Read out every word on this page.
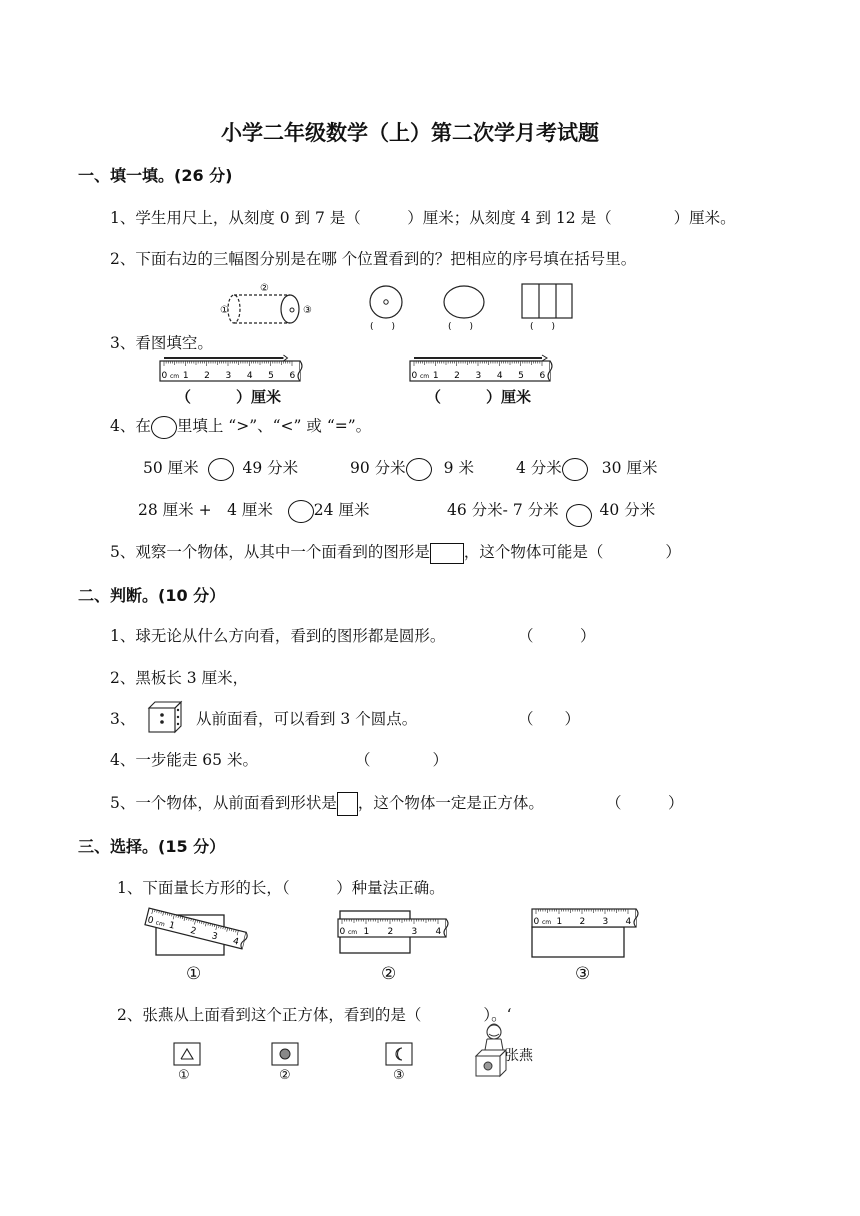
小学二年级数学（上）第二次学月考试题
一、填一填。(26 分)
1、学生用尺上，从刻度 0 到 7 是（　　　）厘米；从刻度 4 到 12 是（　　　　）厘米。
2、下面右边的三幅图分别是在哪 个位置看到的？把相应的序号填在括号里。
①
②
③
(　　)	(　　)	(　　)
3、看图填空。
0 1 2 3 4 5 6
cm	0 1 2 3 4 5 6
cm
（　　　）厘米	（　　　）厘米
4、在 里填上 “>”、“<” 或 “=”。
50 厘米	49 分米	90 分米 9 米	4 分米	30 厘米
28 厘米 +　4 厘米	24 厘米	46 分米- 7 分米	40 分米
5、观察一个物体，从其中一个面看到的图形是 ，这个物体可能是（　　　　）
二、判断。(10 分）
1、球无论从什么方向看，看到的图形都是圆形。	（　　　）
2、黑板长 3 厘米，
3、	从前面看，可以看到 3 个圆点。	（　　）
4、一步能走 65 米。	（　　　　）
5、一个物体，从前面看到形状是 ，这个物体一定是正方体。	（　　　）
三、选择。(15 分）
1、下面量长方形的长，（　　　）种量法正确。
0 1 2 3 4
cm
0 1 2 3 4
cm
0 1 2 3 4
cm
①	②	③
2、张燕从上面看到这个正方体，看到的是（　　　　）。‘
①	②	③
张燕
